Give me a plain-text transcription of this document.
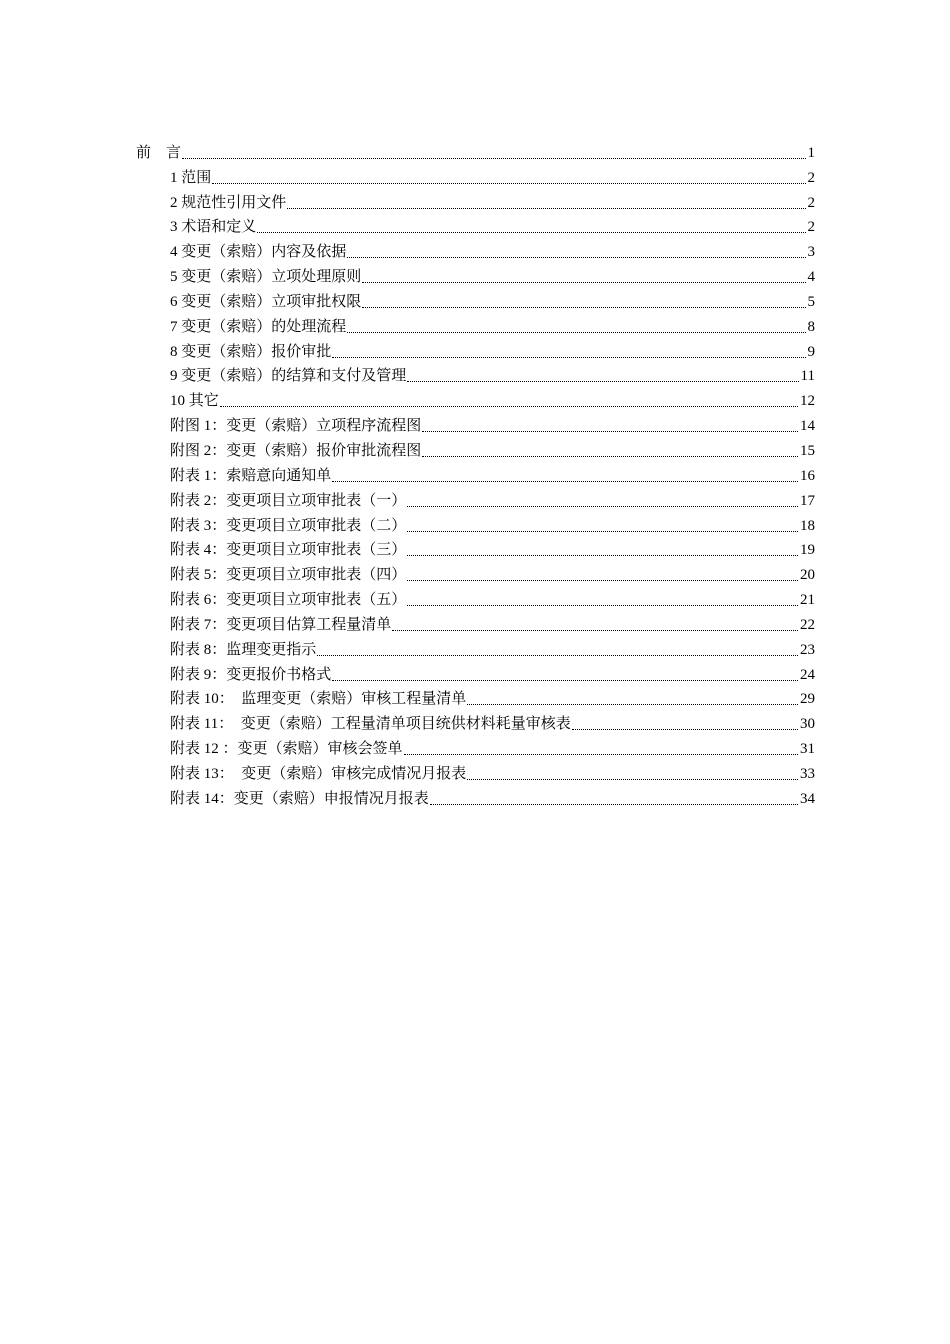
前　言	1
1 范围	2
2 规范性引用文件	2
3 术语和定义	2
4 变更（索赔）内容及依据	3
5 变更（索赔）立项处理原则	4
6 变更（索赔）立项审批权限	5
7 变更（索赔）的处理流程	8
8 变更（索赔）报价审批	9
9 变更（索赔）的结算和支付及管理	11
10 其它	12
附图 1：变更（索赔）立项程序流程图	14
附图 2：变更（索赔）报价审批流程图	15
附表 1：索赔意向通知单	16
附表 2：变更项目立项审批表（一）	17
附表 3：变更项目立项审批表（二）	18
附表 4：变更项目立项审批表（三）	19
附表 5：变更项目立项审批表（四）	20
附表 6：变更项目立项审批表（五）	21
附表 7：变更项目估算工程量清单	22
附表 8：监理变更指示	23
附表 9：变更报价书格式	24
附表 10：　监理变更（索赔）审核工程量清单	29
附表 11：　变更（索赔）工程量清单项目统供材料耗量审核表	30
附表 12 ：变更（索赔）审核会签单	31
附表 13：　变更（索赔）审核完成情况月报表	33
附表 14：变更（索赔）申报情况月报表	34
